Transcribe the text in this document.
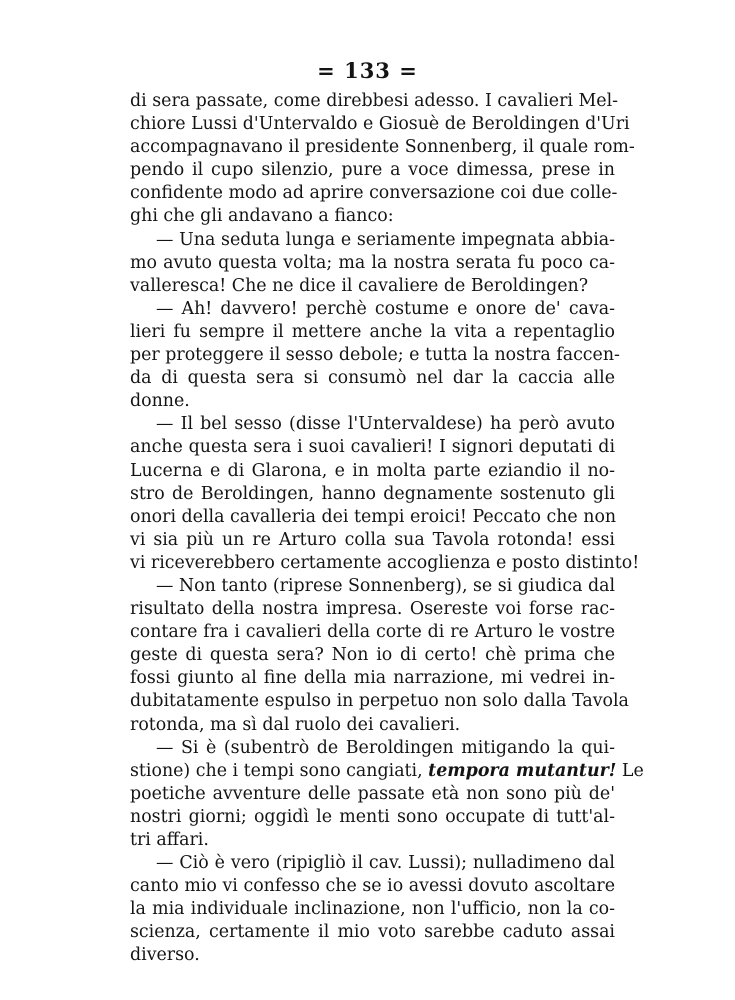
= 133 =
di sera passate, come direbbesi adesso. I cavalieri Mel-
chiore Lussi d'Untervaldo e Giosuè de Beroldingen d'Uri
accompagnavano il presidente Sonnenberg, il quale rom-
pendo il cupo silenzio, pure a voce dimessa, prese in
confidente modo ad aprire conversazione coi due colle-
ghi che gli andavano a fianco:
— Una seduta lunga e seriamente impegnata abbia-
mo avuto questa volta; ma la nostra serata fu poco ca-
valleresca! Che ne dice il cavaliere de Beroldingen?
— Ah! davvero! perchè costume e onore de' cava-
lieri fu sempre il mettere anche la vita a repentaglio
per proteggere il sesso debole; e tutta la nostra faccen-
da di questa sera si consumò nel dar la caccia alle
donne.
— Il bel sesso (disse l'Untervaldese) ha però avuto
anche questa sera i suoi cavalieri! I signori deputati di
Lucerna e di Glarona, e in molta parte eziandio il no-
stro de Beroldingen, hanno degnamente sostenuto gli
onori della cavalleria dei tempi eroici! Peccato che non
vi sia più un re Arturo colla sua Tavola rotonda! essi
vi riceverebbero certamente accoglienza e posto distinto!
— Non tanto (riprese Sonnenberg), se si giudica dal
risultato della nostra impresa. Osereste voi forse rac-
contare fra i cavalieri della corte di re Arturo le vostre
geste di questa sera? Non io di certo! chè prima che
fossi giunto al fine della mia narrazione, mi vedrei in-
dubitatamente espulso in perpetuo non solo dalla Tavola
rotonda, ma sì dal ruolo dei cavalieri.
— Si è (subentrò de Beroldingen mitigando la qui-
stione) che i tempi sono cangiati, tempora mutantur! Le
poetiche avventure delle passate età non sono più de'
nostri giorni; oggidì le menti sono occupate di tutt'al-
tri affari.
— Ciò è vero (ripigliò il cav. Lussi); nulladimeno dal
canto mio vi confesso che se io avessi dovuto ascoltare
la mia individuale inclinazione, non l'ufficio, non la co-
scienza, certamente il mio voto sarebbe caduto assai
diverso.
